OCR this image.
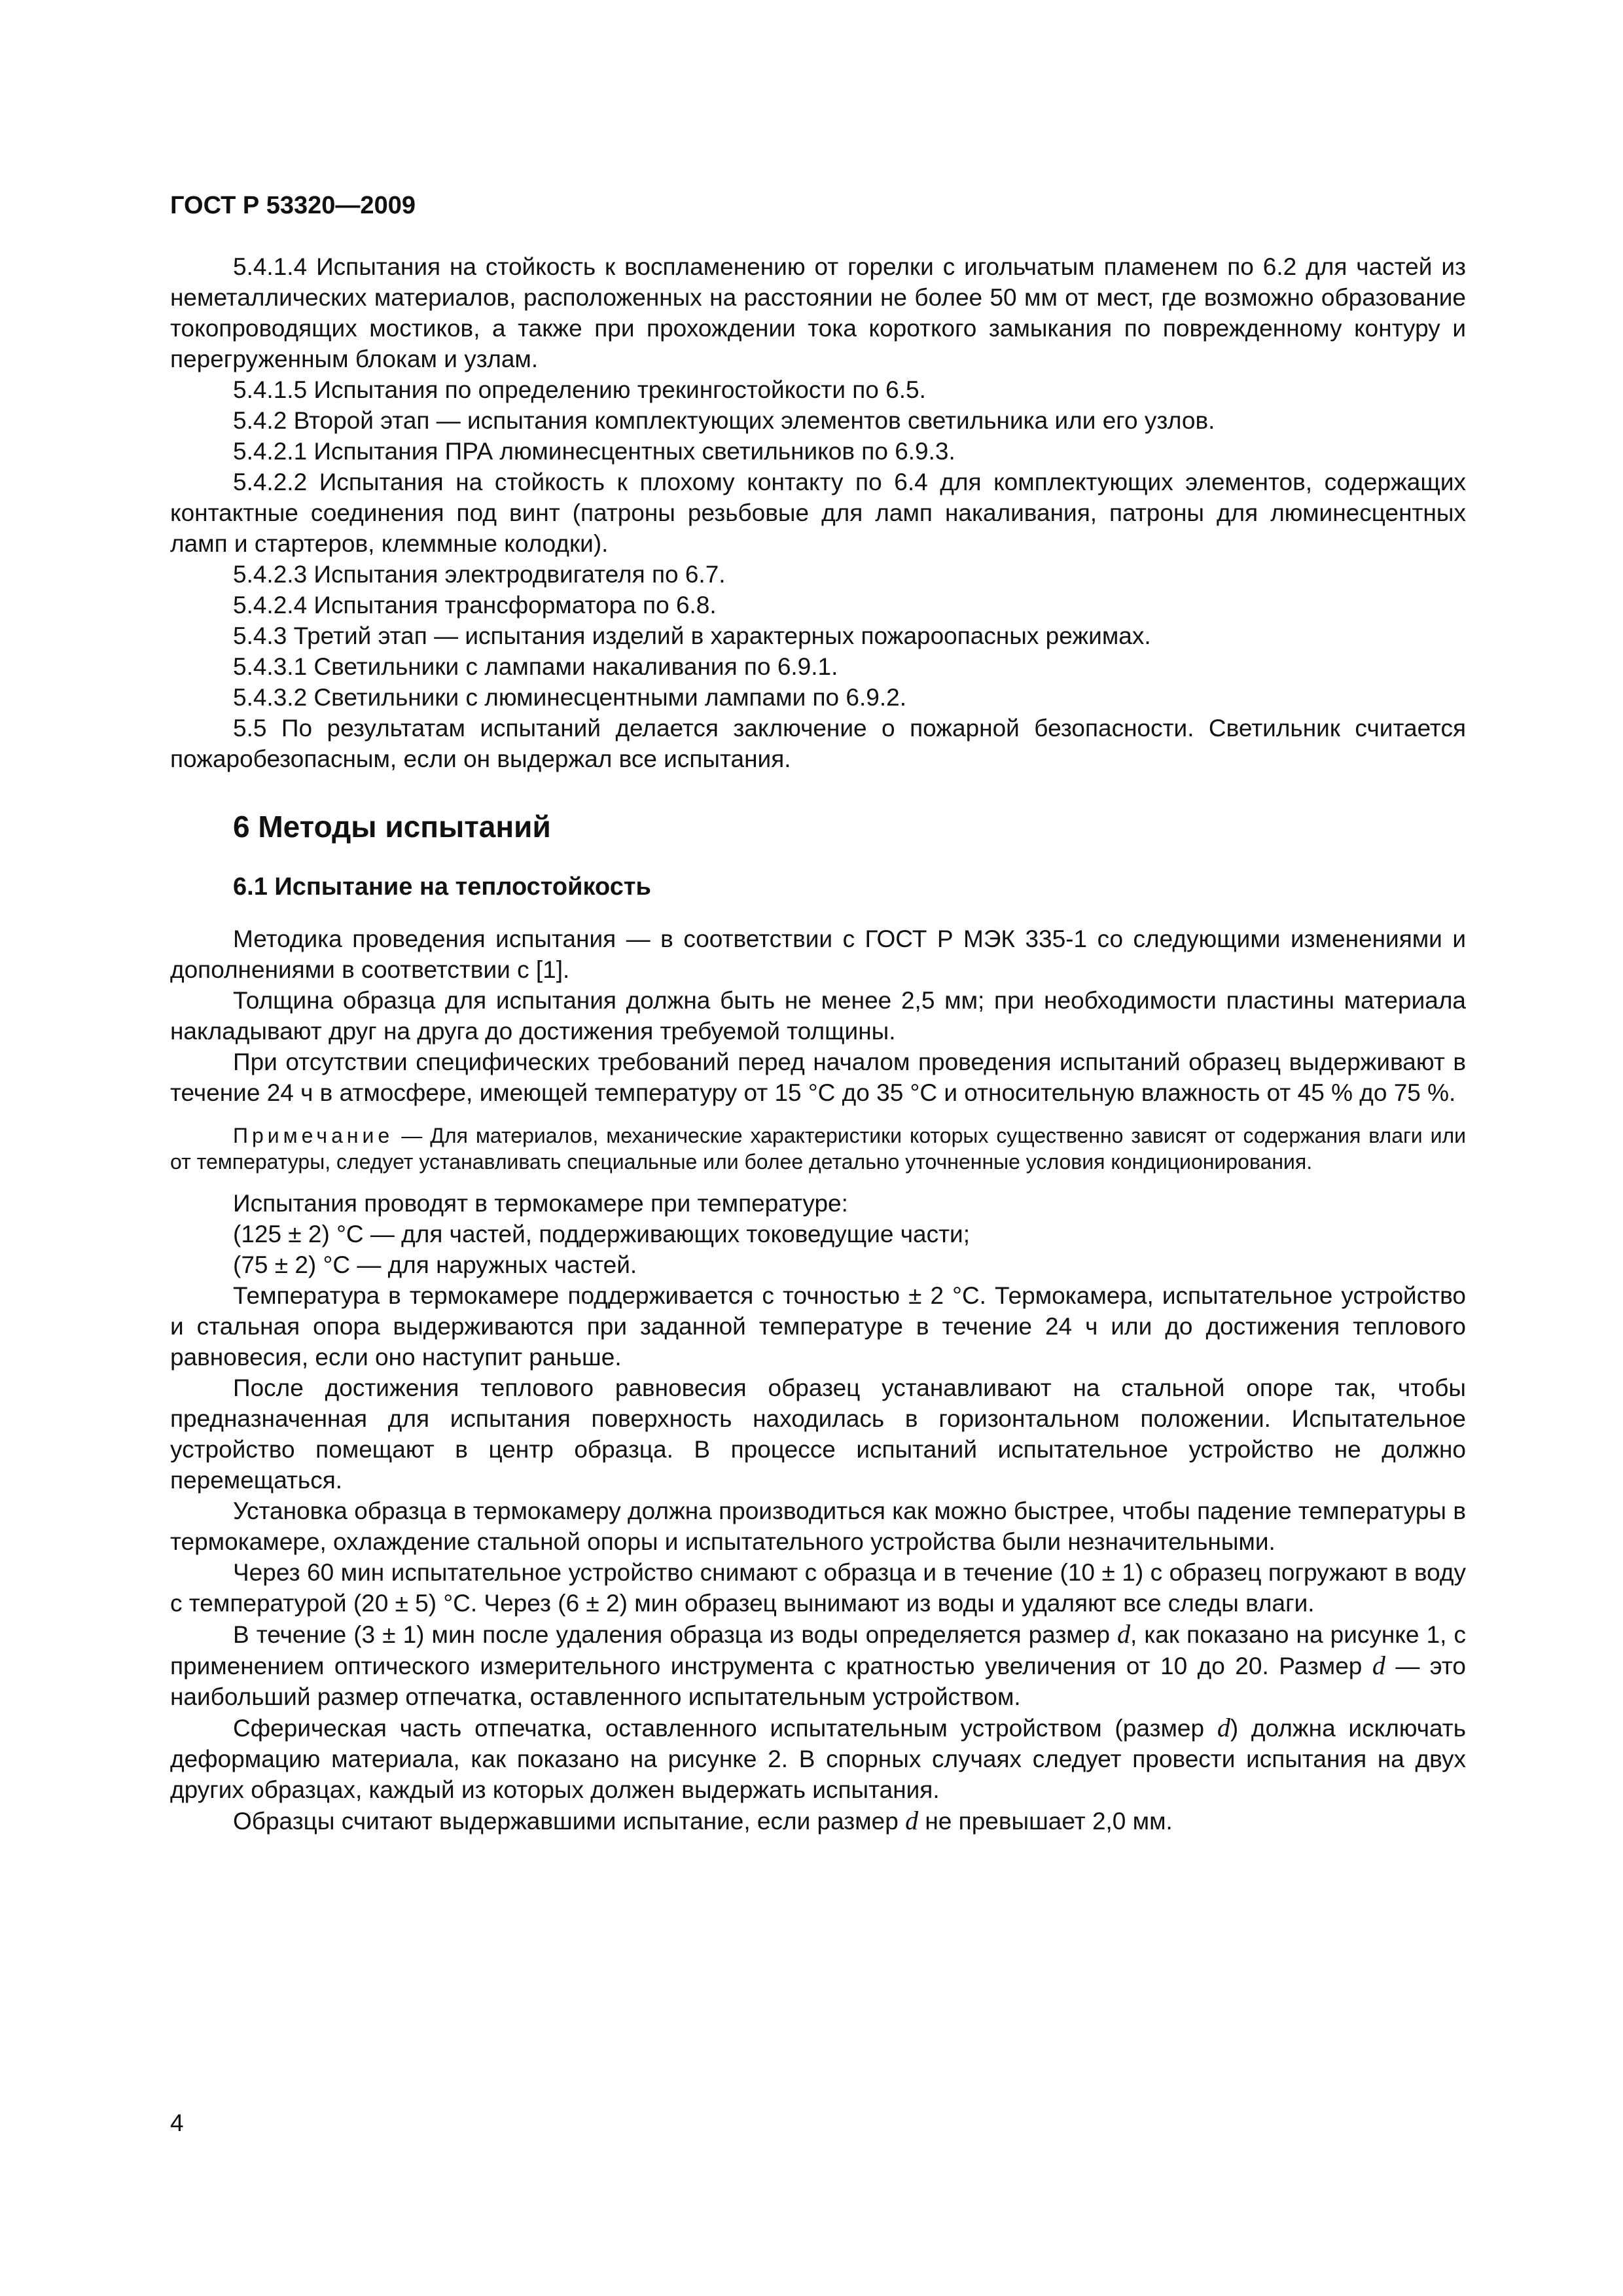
ГОСТ Р 53320—2009

5.4.1.4 Испытания на стойкость к воспламенению от горелки с игольчатым пламенем по 6.2 для частей из неметаллических материалов, расположенных на расстоянии не более 50 мм от мест, где возможно образование токопроводящих мостиков, а также при прохождении тока короткого замыкания по поврежденному контуру и перегруженным блокам и узлам.

5.4.1.5 Испытания по определению трекингостойкости по 6.5.

5.4.2 Второй этап — испытания комплектующих элементов светильника или его узлов.

5.4.2.1 Испытания ПРА люминесцентных светильников по 6.9.3.

5.4.2.2 Испытания на стойкость к плохому контакту по 6.4 для комплектующих элементов, содержащих контактные соединения под винт (патроны резьбовые для ламп накаливания, патроны для люминесцентных ламп и стартеров, клеммные колодки).

5.4.2.3 Испытания электродвигателя по 6.7.

5.4.2.4 Испытания трансформатора по 6.8.

5.4.3 Третий этап — испытания изделий в характерных пожароопасных режимах.

5.4.3.1 Светильники с лампами накаливания по 6.9.1.

5.4.3.2 Светильники с люминесцентными лампами по 6.9.2.

5.5 По результатам испытаний делается заключение о пожарной безопасности. Светильник считается пожаробезопасным, если он выдержал все испытания.

6 Методы испытаний
6.1 Испытание на теплостойкость

Методика проведения испытания — в соответствии с ГОСТ Р МЭК 335-1 со следующими изменениями и дополнениями в соответствии с [1].

Толщина образца для испытания должна быть не менее 2,5 мм; при необходимости пластины материала накладывают друг на друга до достижения требуемой толщины.

При отсутствии специфических требований перед началом проведения испытаний образец выдерживают в течение 24 ч в атмосфере, имеющей температуру от 15 °С до 35 °С и относительную влажность от 45 % до 75 %.

Примечание — Для материалов, механические характеристики которых существенно зависят от содержания влаги или от температуры, следует устанавливать специальные или более детально уточненные условия кондиционирования.

Испытания проводят в термокамере при температуре:

(125 ± 2) °С — для частей, поддерживающих токоведущие части;

(75 ± 2) °С — для наружных частей.

Температура в термокамере поддерживается с точностью ± 2 °С. Термокамера, испытательное устройство и стальная опора выдерживаются при заданной температуре в течение 24 ч или до достижения теплового равновесия, если оно наступит раньше.

После достижения теплового равновесия образец устанавливают на стальной опоре так, чтобы предназначенная для испытания поверхность находилась в горизонтальном положении. Испытательное устройство помещают в центр образца. В процессе испытаний испытательное устройство не должно перемещаться.

Установка образца в термокамеру должна производиться как можно быстрее, чтобы падение температуры в термокамере, охлаждение стальной опоры и испытательного устройства были незначительными.

Через 60 мин испытательное устройство снимают с образца и в течение (10 ± 1) с образец погружают в воду с температурой (20 ± 5) °С. Через (6 ± 2) мин образец вынимают из воды и удаляют все следы влаги.

В течение (3 ± 1) мин после удаления образца из воды определяется размер d, как показано на рисунке 1, с применением оптического измерительного инструмента с кратностью увеличения от 10 до 20. Размер d — это наибольший размер отпечатка, оставленного испытательным устройством.

Сферическая часть отпечатка, оставленного испытательным устройством (размер d) должна исключать деформацию материала, как показано на рисунке 2. В спорных случаях следует провести испытания на двух других образцах, каждый из которых должен выдержать испытания.

Образцы считают выдержавшими испытание, если размер d не превышает 2,0 мм.

4
